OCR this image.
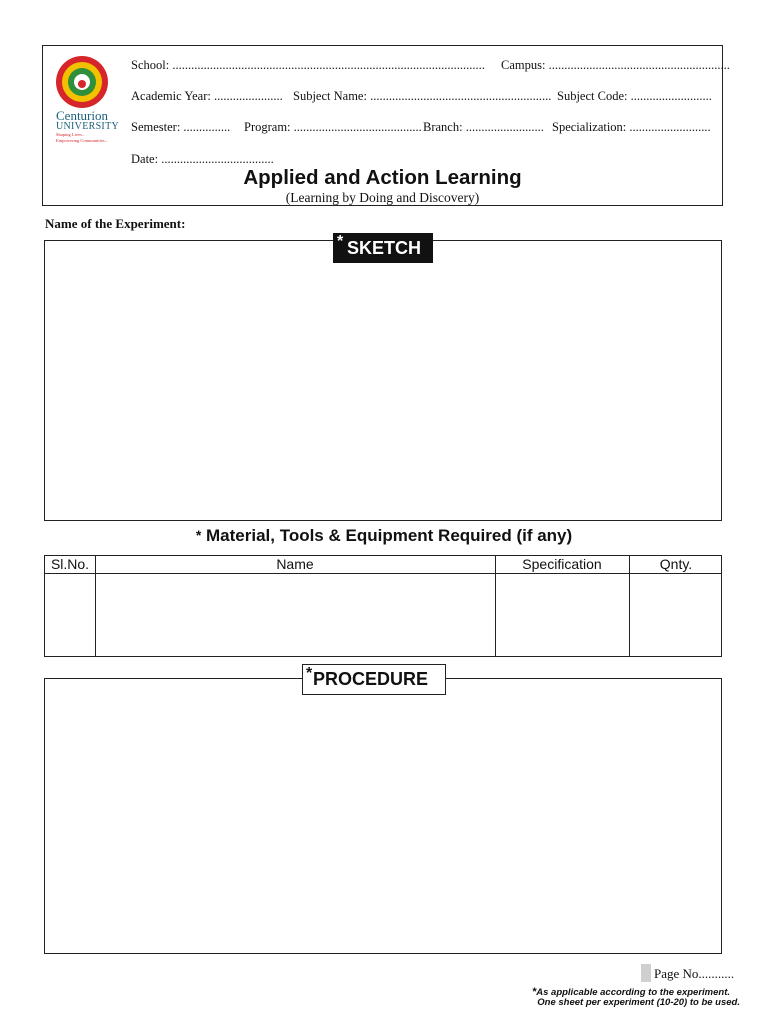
Centurion
UNIVERSITY
Shaping Lives...
Empowering Communities...
School: .................................................................................................... Campus: ..........................................................
Academic Year: ...................... Subject Name: .......................................................... Subject Code: ..........................
Semester: ............... Program: ......................................... Branch: ......................... Specialization: ..........................
Date: ....................................
Applied and Action Learning
(Learning by Doing and Discovery)
Name of the Experiment:
* SKETCH
* Material, Tools & Equipment Required (if any)
Sl.No.	Name	Specification	Qnty.
* PROCEDURE
Page No...........
*As applicable according to the experiment.
One sheet per experiment (10-20) to be used.
